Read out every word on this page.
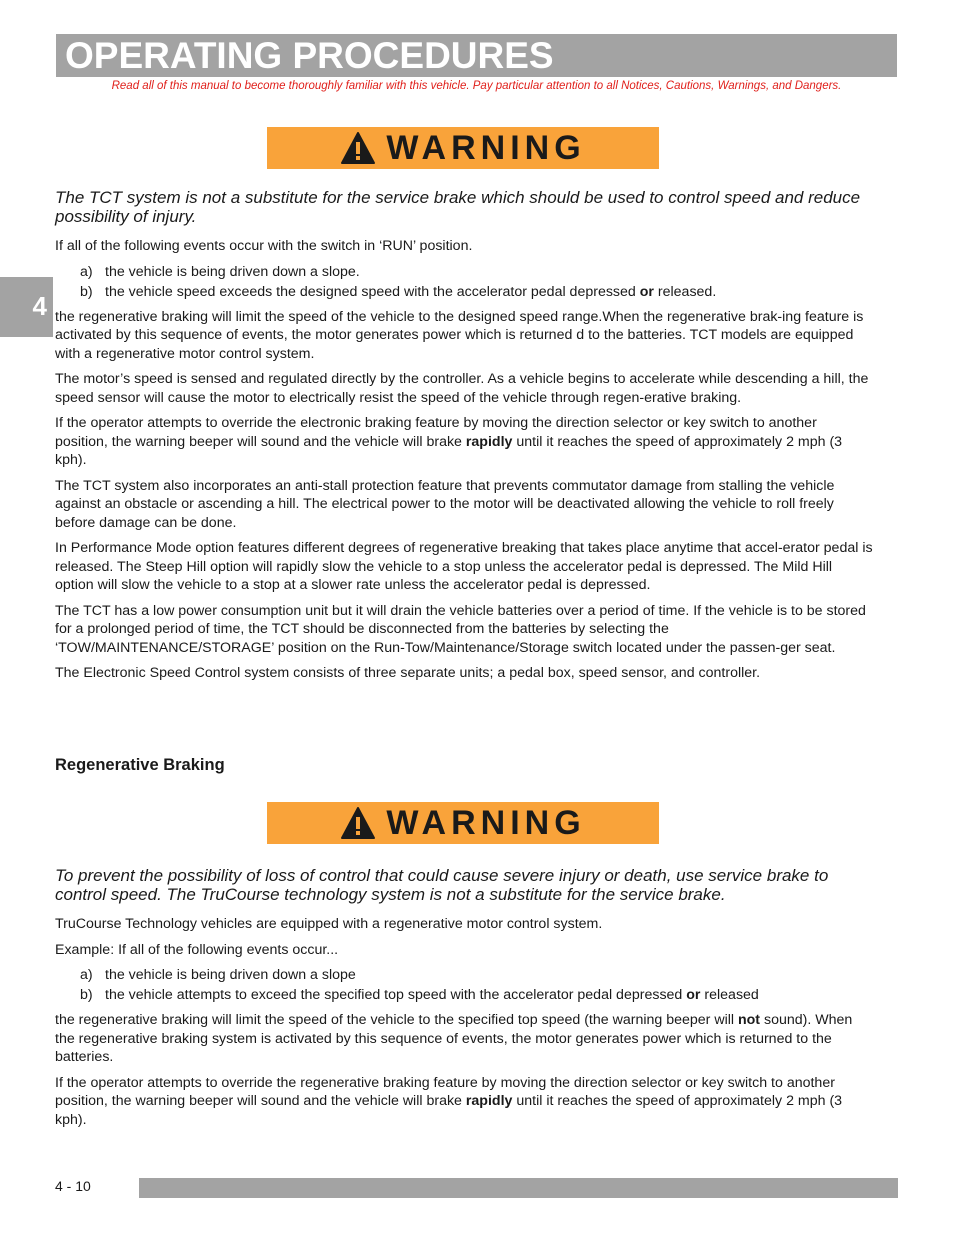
OPERATING PROCEDURES
Read all of this manual to become thoroughly familiar with this vehicle. Pay particular attention to all Notices, Cautions, Warnings, and Dangers.
4
WARNING

The TCT system is not a substitute for the service brake which should be used to control speed and reduce possibility of injury.

If all of the following events occur with the switch in ‘RUN’ position.

a) the vehicle is being driven down a slope.
b) the vehicle speed exceeds the designed speed with the accelerator pedal depressed or released.

the regenerative braking will limit the speed of the vehicle to the designed speed range.When the regenerative brak-ing feature is activated by this sequence of events, the motor generates power which is returned d to the batteries. TCT models are equipped with a regenerative motor control system.

The motor’s speed is sensed and regulated directly by the controller. As a vehicle begins to accelerate while descending a hill, the speed sensor will cause the motor to electrically resist the speed of the vehicle through regen-erative braking.

If the operator attempts to override the electronic braking feature by moving the direction selector or key switch to another position, the warning beeper will sound and the vehicle will brake rapidly until it reaches the speed of approximately 2 mph (3 kph).

The TCT system also incorporates an anti-stall protection feature that prevents commutator damage from stalling the vehicle against an obstacle or ascending a hill. The electrical power to the motor will be deactivated allowing the vehicle to roll freely before damage can be done.

In Performance Mode option features different degrees of regenerative breaking that takes place anytime that accel-erator pedal is released. The Steep Hill option will rapidly slow the vehicle to a stop unless the accelerator pedal is depressed. The Mild Hill option will slow the vehicle to a stop at a slower rate unless the accelerator pedal is depressed.

The TCT has a low power consumption unit but it will drain the vehicle batteries over a period of time. If the vehicle is to be stored for a prolonged period of time, the TCT should be disconnected from the batteries by selecting the ‘TOW/MAINTENANCE/STORAGE’ position on the Run-Tow/Maintenance/Storage switch located under the passen-ger seat.

The Electronic Speed Control system consists of three separate units; a pedal box, speed sensor, and controller.

Regenerative Braking
WARNING

To prevent the possibility of loss of control that could cause severe injury or death, use service brake to control speed. The TruCourse technology system is not a substitute for the service brake.

TruCourse Technology vehicles are equipped with a regenerative motor control system.

Example: If all of the following events occur...

a) the vehicle is being driven down a slope
b) the vehicle attempts to exceed the specified top speed with the accelerator pedal depressed or released

the regenerative braking will limit the speed of the vehicle to the specified top speed (the warning beeper will not sound). When the regenerative braking system is activated by this sequence of events, the motor generates power which is returned to the batteries.

If the operator attempts to override the regenerative braking feature by moving the direction selector or key switch to another position, the warning beeper will sound and the vehicle will brake rapidly until it reaches the speed of approximately 2 mph (3 kph).

4 - 10
